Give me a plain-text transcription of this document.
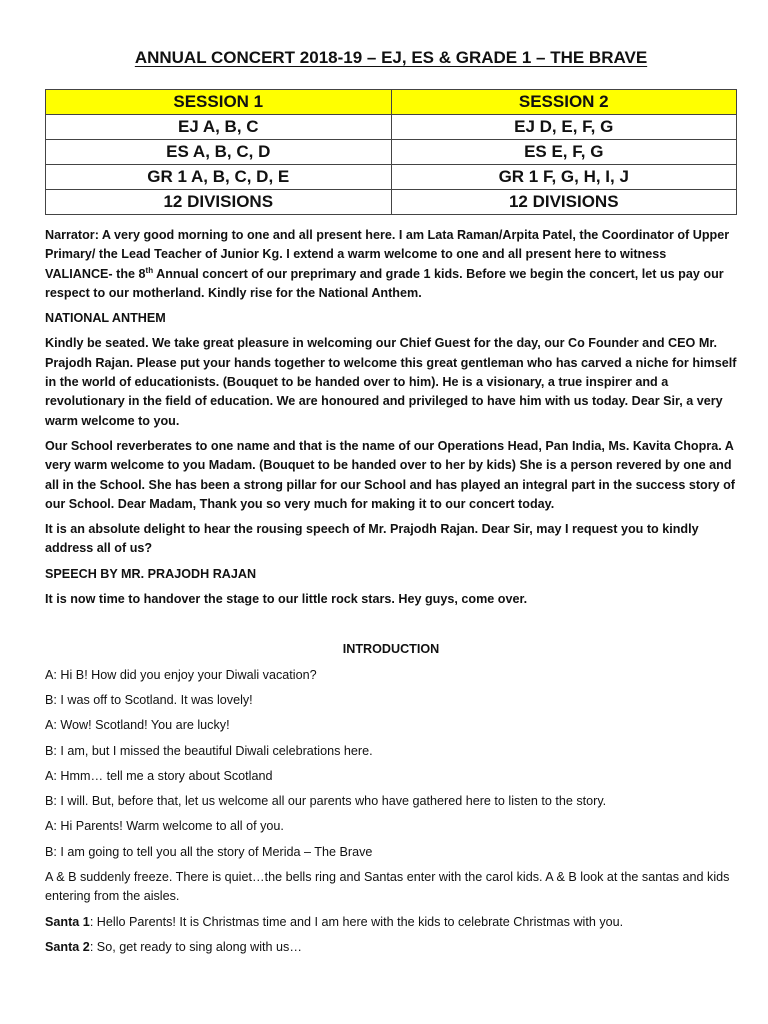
ANNUAL CONCERT 2018-19 – EJ, ES & GRADE 1 – THE BRAVE
SESSION 1	SESSION 2
EJ A, B, C	EJ D, E, F, G
ES A, B, C, D	ES E, F, G
GR 1 A, B, C, D, E	GR 1 F, G, H, I, J
12 DIVISIONS	12 DIVISIONS

Narrator: A very good morning to one and all present here. I am Lata Raman/Arpita Patel, the Coordinator of Upper Primary/ the Lead Teacher of Junior Kg. I extend a warm welcome to one and all present here to witness VALIANCE- the 8th Annual concert of our preprimary and grade 1 kids. Before we begin the concert, let us pay our respect to our motherland. Kindly rise for the National Anthem.

NATIONAL ANTHEM

Kindly be seated. We take great pleasure in welcoming our Chief Guest for the day, our Co Founder and CEO Mr. Prajodh Rajan. Please put your hands together to welcome this great gentleman who has carved a niche for himself in the world of educationists. (Bouquet to be handed over to him). He is a visionary, a true inspirer and a revolutionary in the field of education. We are honoured and privileged to have him with us today. Dear Sir, a very warm welcome to you.

Our School reverberates to one name and that is the name of our Operations Head, Pan India, Ms. Kavita Chopra. A very warm welcome to you Madam. (Bouquet to be handed over to her by kids) She is a person revered by one and all in the School. She has been a strong pillar for our School and has played an integral part in the success story of our School. Dear Madam, Thank you so very much for making it to our concert today.

It is an absolute delight to hear the rousing speech of Mr. Prajodh Rajan. Dear Sir, may I request you to kindly address all of us?

SPEECH BY MR. PRAJODH RAJAN

It is now time to handover the stage to our little rock stars. Hey guys, come over.

INTRODUCTION

A: Hi B! How did you enjoy your Diwali vacation?

B: I was off to Scotland. It was lovely!

A: Wow! Scotland! You are lucky!

B: I am, but I missed the beautiful Diwali celebrations here.

A: Hmm… tell me a story about Scotland

B: I will. But, before that, let us welcome all our parents who have gathered here to listen to the story.

A: Hi Parents! Warm welcome to all of you.

B: I am going to tell you all the story of Merida – The Brave

A & B suddenly freeze. There is quiet…the bells ring and Santas enter with the carol kids. A & B look at the santas and kids entering from the aisles.

Santa 1: Hello Parents! It is Christmas time and I am here with the kids to celebrate Christmas with you.

Santa 2: So, get ready to sing along with us…
